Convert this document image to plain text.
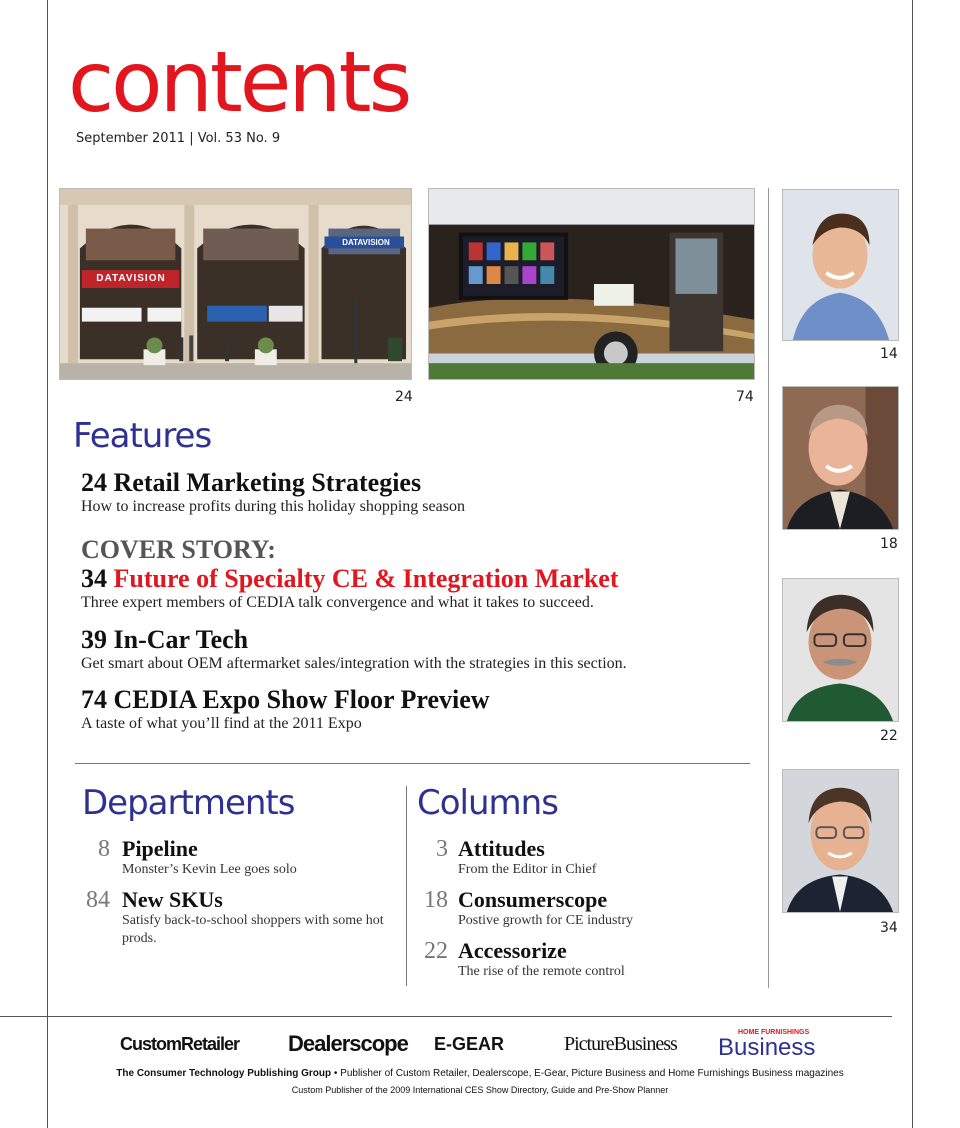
contents
September 2011 | Vol. 53 No. 9
DATAVISION
DATAVISION
24	74
14
18
22
34
Features
24 Retail Marketing Strategies
How to increase profits during this holiday shopping season
COVER STORY:
34 Future of Specialty CE & Integration Market
Three expert members of CEDIA talk convergence and what it takes to succeed.
39 In-Car Tech
Get smart about OEM aftermarket sales/integration with the strategies in this section.
74 CEDIA Expo Show Floor Preview
A taste of what you’ll find at the 2011 Expo
Departments
8 Pipeline
Monster’s Kevin Lee goes solo
84 New SKUs
Satisfy back-to-school shoppers with some hot prods.
Columns
3 Attitudes
From the Editor in Chief
18 Consumerscope
Postive growth for CE industry
22 Accessorize
The rise of the remote control
CustomRetailer Dealerscope E-GEAR	PictureBusiness
HOME FURNISHINGS
Business
The Consumer Technology Publishing Group • Publisher of Custom Retailer, Dealerscope, E-Gear, Picture Business and Home Furnishings Business magazines
Custom Publisher of the 2009 International CES Show Directory, Guide and Pre-Show Planner
